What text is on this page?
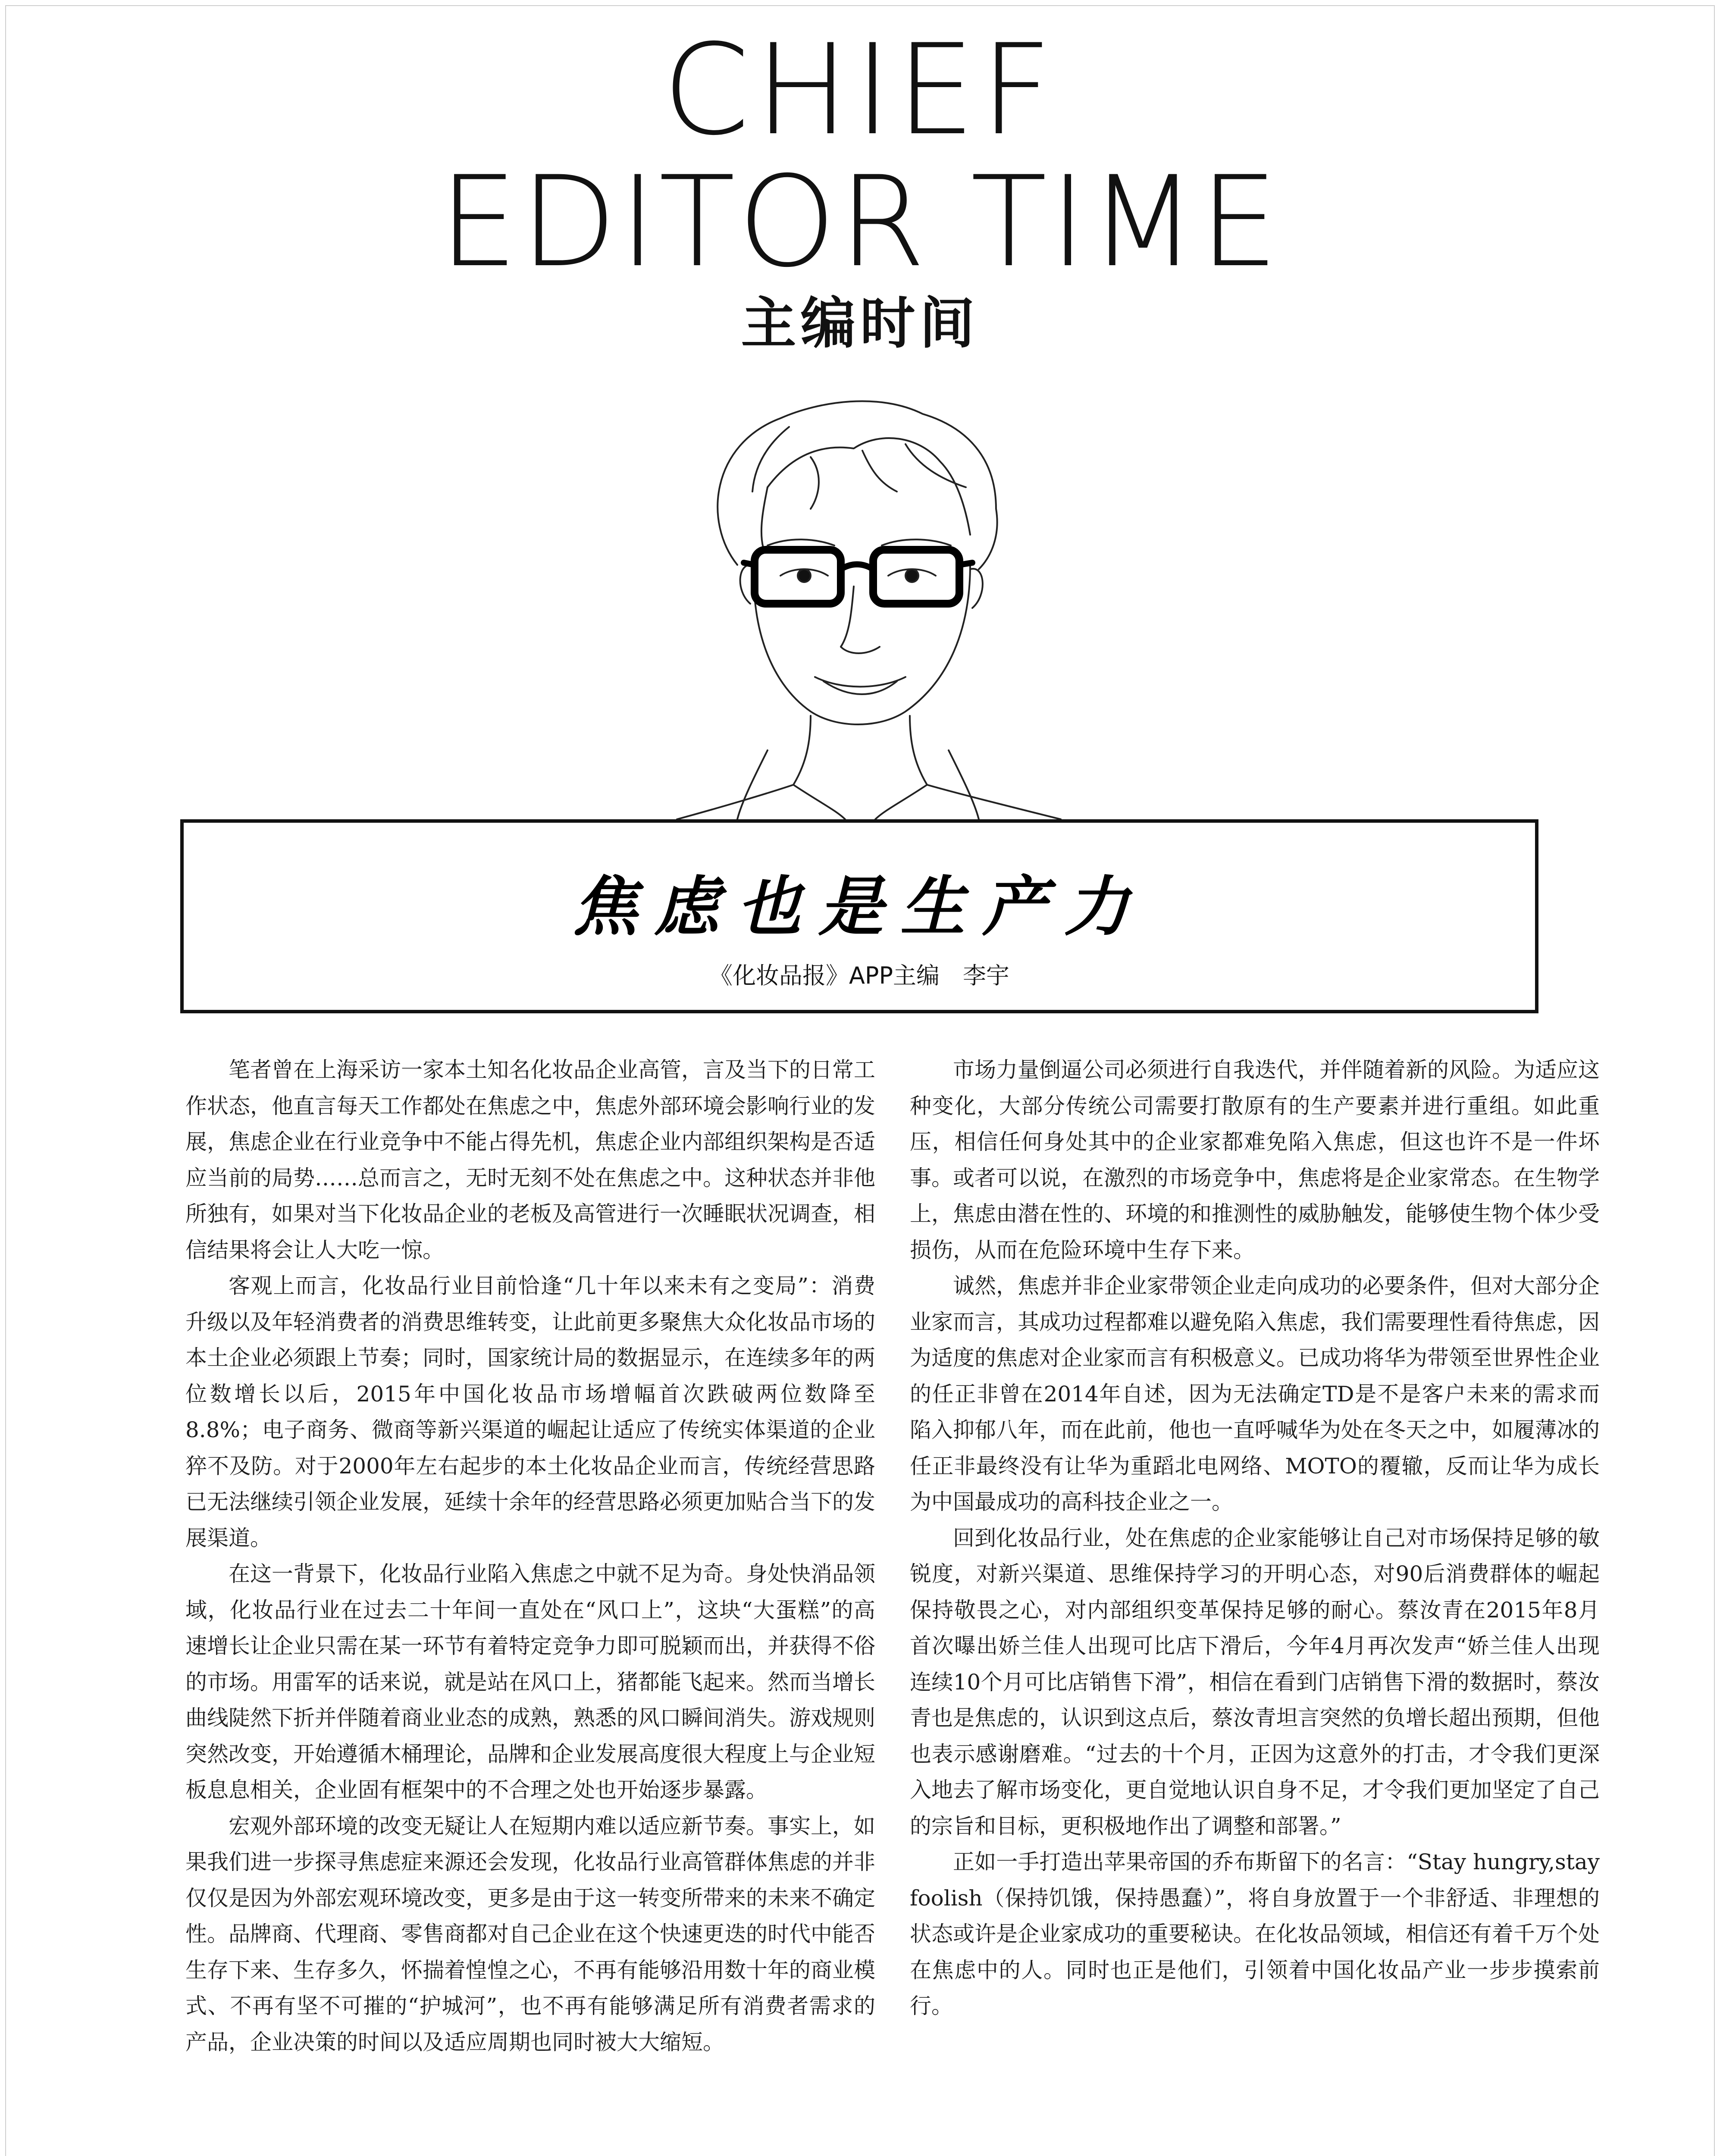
CHIEF
EDITOR TIME
主编时间
焦虑也是生产力
《化妆品报》APP主编　李宇

笔者曾在上海采访一家本土知名化妆品企业高管，言及当下的日常工作状态，他直言每天工作都处在焦虑之中，焦虑外部环境会影响行业的发展，焦虑企业在行业竞争中不能占得先机，焦虑企业内部组织架构是否适应当前的局势……总而言之，无时无刻不处在焦虑之中。这种状态并非他所独有，如果对当下化妆品企业的老板及高管进行一次睡眠状况调查，相信结果将会让人大吃一惊。

客观上而言，化妆品行业目前恰逢“几十年以来未有之变局”：消费升级以及年轻消费者的消费思维转变，让此前更多聚焦大众化妆品市场的本土企业必须跟上节奏；同时，国家统计局的数据显示，在连续多年的两位数增长以后，2015年中国化妆品市场增幅首次跌破两位数降至8.8%；电子商务、微商等新兴渠道的崛起让适应了传统实体渠道的企业猝不及防。对于2000年左右起步的本土化妆品企业而言，传统经营思路已无法继续引领企业发展，延续十余年的经营思路必须更加贴合当下的发展渠道。

在这一背景下，化妆品行业陷入焦虑之中就不足为奇。身处快消品领域，化妆品行业在过去二十年间一直处在“风口上”，这块“大蛋糕”的高速增长让企业只需在某一环节有着特定竞争力即可脱颖而出，并获得不俗的市场。用雷军的话来说，就是站在风口上，猪都能飞起来。然而当增长曲线陡然下折并伴随着商业业态的成熟，熟悉的风口瞬间消失。游戏规则突然改变，开始遵循木桶理论，品牌和企业发展高度很大程度上与企业短板息息相关，企业固有框架中的不合理之处也开始逐步暴露。

宏观外部环境的改变无疑让人在短期内难以适应新节奏。事实上，如果我们进一步探寻焦虑症来源还会发现，化妆品行业高管群体焦虑的并非仅仅是因为外部宏观环境改变，更多是由于这一转变所带来的未来不确定性。品牌商、代理商、零售商都对自己企业在这个快速更迭的时代中能否生存下来、生存多久，怀揣着惶惶之心，不再有能够沿用数十年的商业模式、不再有坚不可摧的“护城河”，也不再有能够满足所有消费者需求的产品，企业决策的时间以及适应周期也同时被大大缩短。

市场力量倒逼公司必须进行自我迭代，并伴随着新的风险。为适应这种变化，大部分传统公司需要打散原有的生产要素并进行重组。如此重压，相信任何身处其中的企业家都难免陷入焦虑，但这也许不是一件坏事。或者可以说，在激烈的市场竞争中，焦虑将是企业家常态。在生物学上，焦虑由潜在性的、环境的和推测性的威胁触发，能够使生物个体少受损伤，从而在危险环境中生存下来。

诚然，焦虑并非企业家带领企业走向成功的必要条件，但对大部分企业家而言，其成功过程都难以避免陷入焦虑，我们需要理性看待焦虑，因为适度的焦虑对企业家而言有积极意义。已成功将华为带领至世界性企业的任正非曾在2014年自述，因为无法确定TD是不是客户未来的需求而陷入抑郁八年，而在此前，他也一直呼喊华为处在冬天之中，如履薄冰的任正非最终没有让华为重蹈北电网络、MOTO的覆辙，反而让华为成长为中国最成功的高科技企业之一。

回到化妆品行业，处在焦虑的企业家能够让自己对市场保持足够的敏锐度，对新兴渠道、思维保持学习的开明心态，对90后消费群体的崛起保持敬畏之心，对内部组织变革保持足够的耐心。蔡汝青在2015年8月首次曝出娇兰佳人出现可比店下滑后，今年4月再次发声“娇兰佳人出现连续10个月可比店销售下滑”，相信在看到门店销售下滑的数据时，蔡汝青也是焦虑的，认识到这点后，蔡汝青坦言突然的负增长超出预期，但他也表示感谢磨难。“过去的十个月，正因为这意外的打击，才令我们更深入地去了解市场变化，更自觉地认识自身不足，才令我们更加坚定了自己的宗旨和目标，更积极地作出了调整和部署。”

正如一手打造出苹果帝国的乔布斯留下的名言：“Stay hungry,stay foolish（保持饥饿，保持愚蠢）”，将自身放置于一个非舒适、非理想的状态或许是企业家成功的重要秘诀。在化妆品领域，相信还有着千万个处在焦虑中的人。同时也正是他们，引领着中国化妆品产业一步步摸索前行。
